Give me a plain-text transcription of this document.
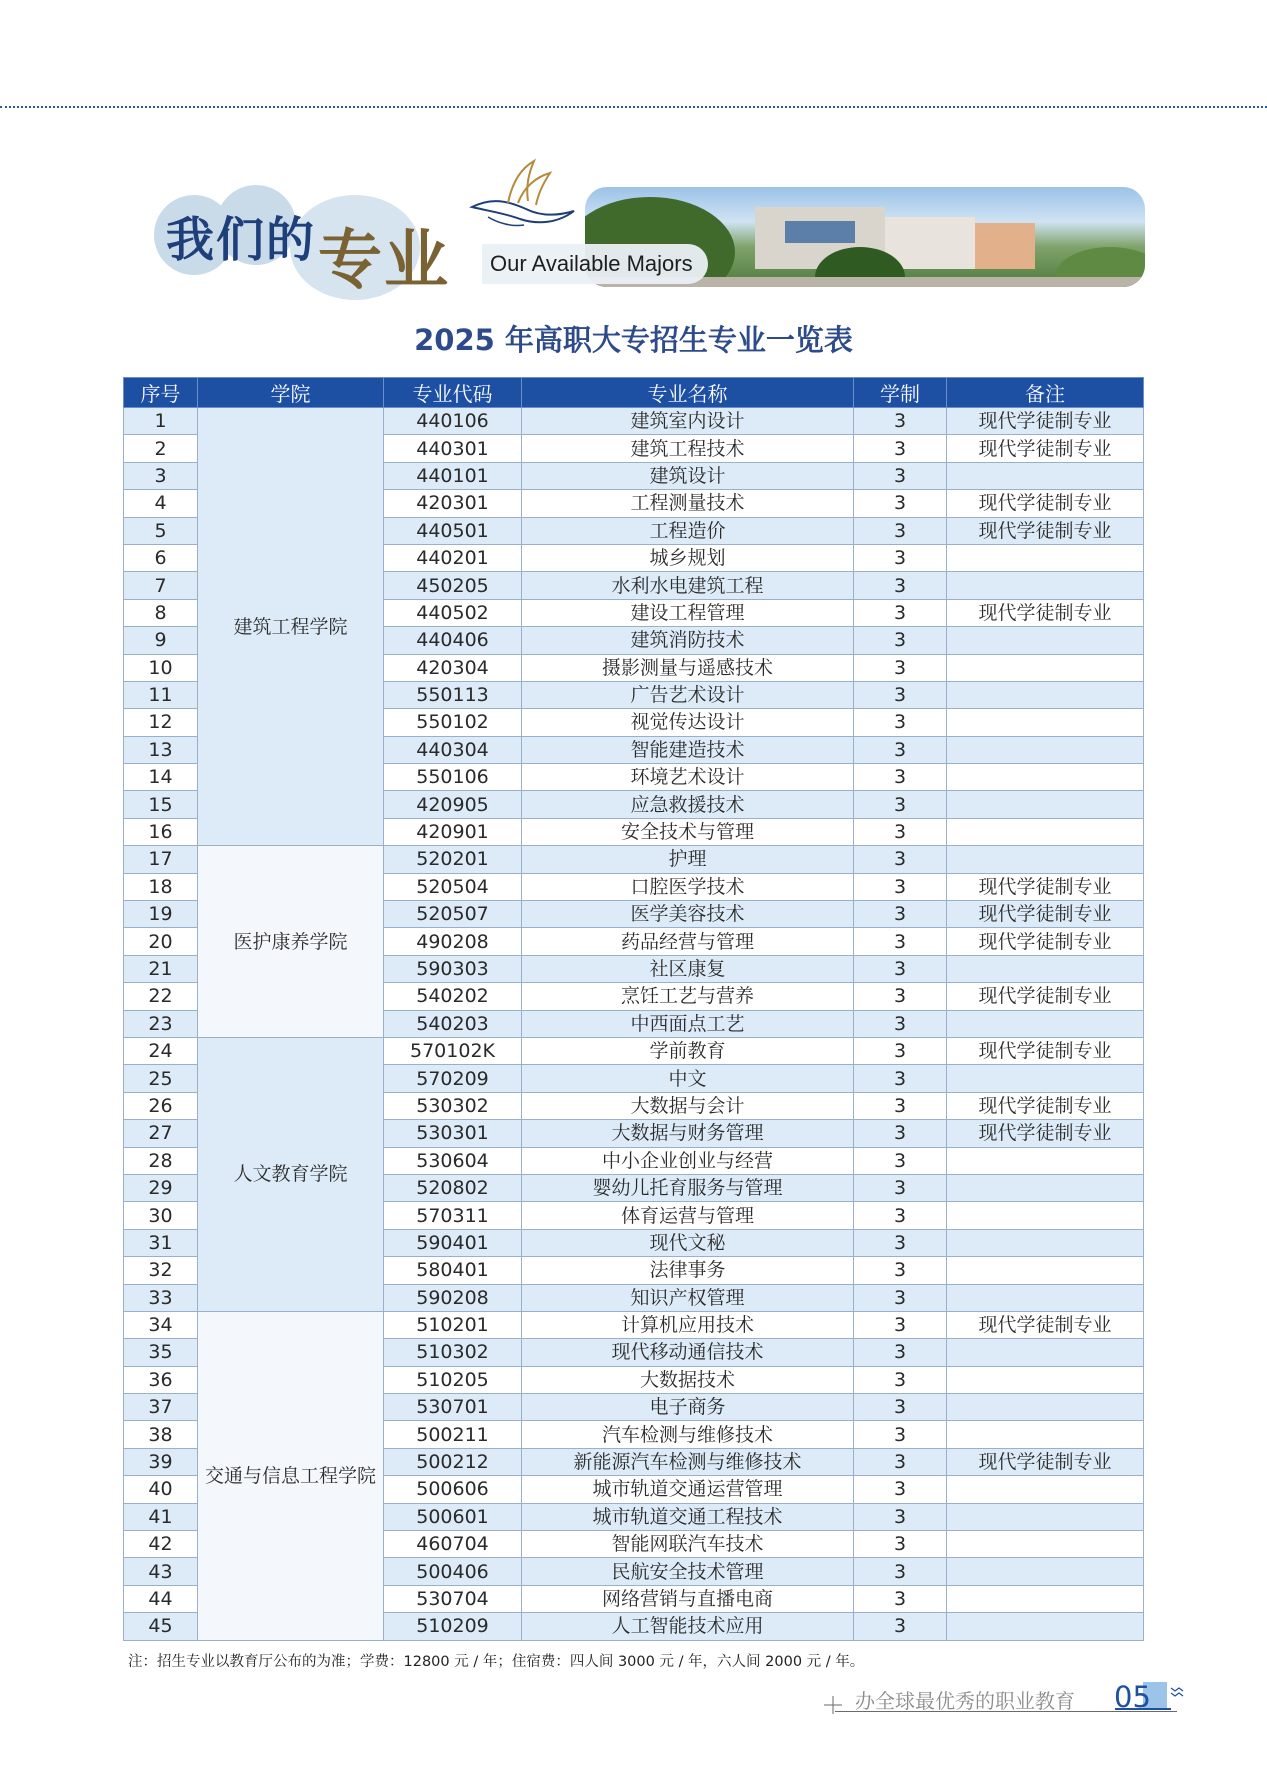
我们的 专业 Our Available Majors
2025 年高职大专招生专业一览表
序号	学院	专业代码	专业名称	学制	备注
1	建筑工程学院	440106	建筑室内设计	3	现代学徒制专业
2		440301	建筑工程技术	3	现代学徒制专业
3		440101	建筑设计	3	
4		420301	工程测量技术	3	现代学徒制专业
5		440501	工程造价	3	现代学徒制专业
6		440201	城乡规划	3	
7		450205	水利水电建筑工程	3	
8		440502	建设工程管理	3	现代学徒制专业
9		440406	建筑消防技术	3	
10		420304	摄影测量与遥感技术	3	
11		550113	广告艺术设计	3	
12		550102	视觉传达设计	3	
13		440304	智能建造技术	3	
14		550106	环境艺术设计	3	
15		420905	应急救援技术	3	
16		420901	安全技术与管理	3	
17	医护康养学院	520201	护理	3	
18		520504	口腔医学技术	3	现代学徒制专业
19		520507	医学美容技术	3	现代学徒制专业
20		490208	药品经营与管理	3	现代学徒制专业
21		590303	社区康复	3	
22		540202	烹饪工艺与营养	3	现代学徒制专业
23		540203	中西面点工艺	3	
24	人文教育学院	570102K	学前教育	3	现代学徒制专业
25		570209	中文	3	
26		530302	大数据与会计	3	现代学徒制专业
27		530301	大数据与财务管理	3	现代学徒制专业
28		530604	中小企业创业与经营	3	
29		520802	婴幼儿托育服务与管理	3	
30		570311	体育运营与管理	3	
31		590401	现代文秘	3	
32		580401	法律事务	3	
33		590208	知识产权管理	3	
34	交通与信息工程学院	510201	计算机应用技术	3	现代学徒制专业
35		510302	现代移动通信技术	3	
36		510205	大数据技术	3	
37		530701	电子商务	3	
38		500211	汽车检测与维修技术	3	
39		500212	新能源汽车检测与维修技术	3	现代学徒制专业
40		500606	城市轨道交通运营管理	3	
41		500601	城市轨道交通工程技术	3	
42		460704	智能网联汽车技术	3	
43		500406	民航安全技术管理	3	
44		530704	网络营销与直播电商	3	
45		510209	人工智能技术应用	3	
注：招生专业以教育厅公布的为准；学费：12800 元 / 年；住宿费：四人间 3000 元 / 年，六人间 2000 元 / 年。
办全球最优秀的职业教育 05
